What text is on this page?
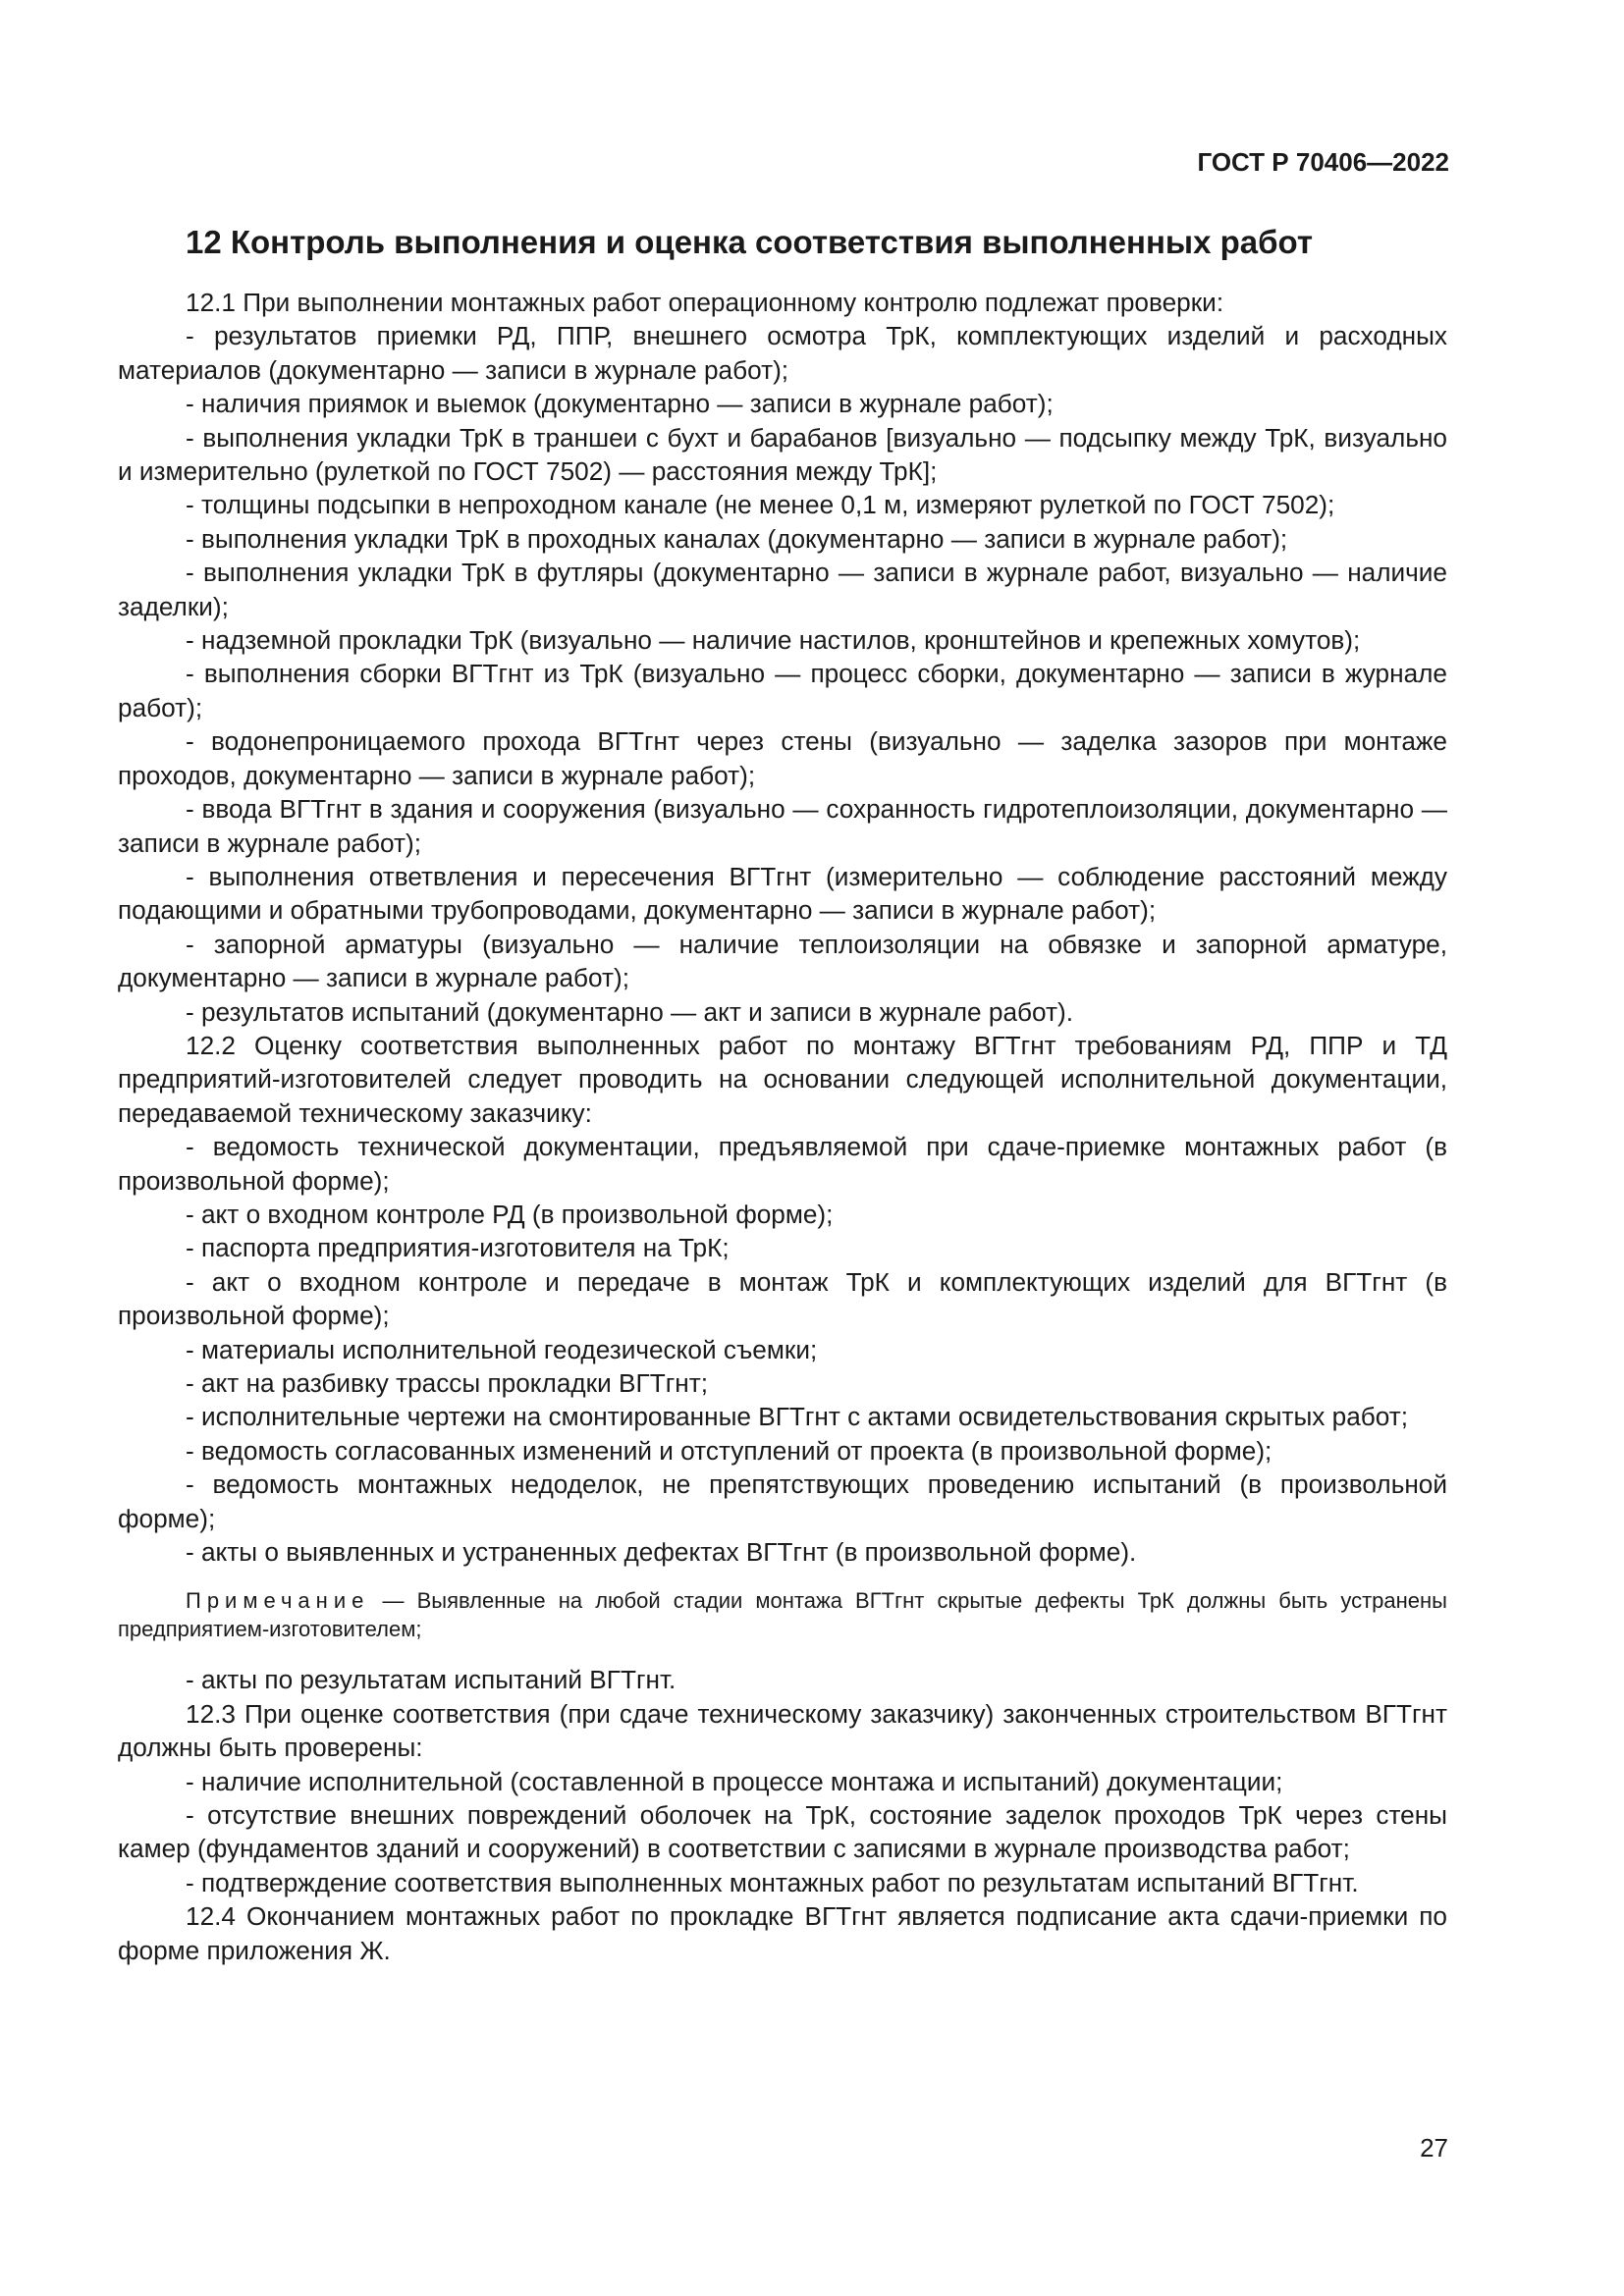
ГОСТ Р 70406—2022
12 Контроль выполнения и оценка соответствия выполненных работ

12.1 При выполнении монтажных работ операционному контролю подлежат проверки:

- результатов приемки РД, ППР, внешнего осмотра ТрК, комплектующих изделий и расходных материалов (документарно — записи в журнале работ);

- наличия приямок и выемок (документарно — записи в журнале работ);

- выполнения укладки ТрК в траншеи с бухт и барабанов [визуально — подсыпку между ТрК, визуально и измерительно (рулеткой по ГОСТ 7502) — расстояния между ТрК];

- толщины подсыпки в непроходном канале (не менее 0,1 м, измеряют рулеткой по ГОСТ 7502);

- выполнения укладки ТрК в проходных каналах (документарно — записи в журнале работ);

- выполнения укладки ТрК в футляры (документарно — записи в журнале работ, визуально — наличие заделки);

- надземной прокладки ТрК (визуально — наличие настилов, кронштейнов и крепежных хомутов);

- выполнения сборки ВГТгнт из ТрК (визуально — процесс сборки, документарно — записи в журнале работ);

- водонепроницаемого прохода ВГТгнт через стены (визуально — заделка зазоров при монтаже проходов, документарно — записи в журнале работ);

- ввода ВГТгнт в здания и сооружения (визуально — сохранность гидротеплоизоляции, документарно — записи в журнале работ);

- выполнения ответвления и пересечения ВГТгнт (измерительно — соблюдение расстояний между подающими и обратными трубопроводами, документарно — записи в журнале работ);

- запорной арматуры (визуально — наличие теплоизоляции на обвязке и запорной арматуре, документарно — записи в журнале работ);

- результатов испытаний (документарно — акт и записи в журнале работ).

12.2 Оценку соответствия выполненных работ по монтажу ВГТгнт требованиям РД, ППР и ТД предприятий-изготовителей следует проводить на основании следующей исполнительной документации, передаваемой техническому заказчику:

- ведомость технической документации, предъявляемой при сдаче-приемке монтажных работ (в произвольной форме);

- акт о входном контроле РД (в произвольной форме);

- паспорта предприятия-изготовителя на ТрК;

- акт о входном контроле и передаче в монтаж ТрК и комплектующих изделий для ВГТгнт (в произвольной форме);

- материалы исполнительной геодезической съемки;

- акт на разбивку трассы прокладки ВГТгнт;

- исполнительные чертежи на смонтированные ВГТгнт с актами освидетельствования скрытых работ;

- ведомость согласованных изменений и отступлений от проекта (в произвольной форме);

- ведомость монтажных недоделок, не препятствующих проведению испытаний (в произвольной форме);

- акты о выявленных и устраненных дефектах ВГТгнт (в произвольной форме).

Примечание — Выявленные на любой стадии монтажа ВГТгнт скрытые дефекты ТрК должны быть устранены предприятием-изготовителем;

- акты по результатам испытаний ВГТгнт.

12.3 При оценке соответствия (при сдаче техническому заказчику) законченных строительством ВГТгнт должны быть проверены:

- наличие исполнительной (составленной в процессе монтажа и испытаний) документации;

- отсутствие внешних повреждений оболочек на ТрК, состояние заделок проходов ТрК через стены камер (фундаментов зданий и сооружений) в соответствии с записями в журнале производства работ;

- подтверждение соответствия выполненных монтажных работ по результатам испытаний ВГТгнт.

12.4 Окончанием монтажных работ по прокладке ВГТгнт является подписание акта сдачи-приемки по форме приложения Ж.

27
